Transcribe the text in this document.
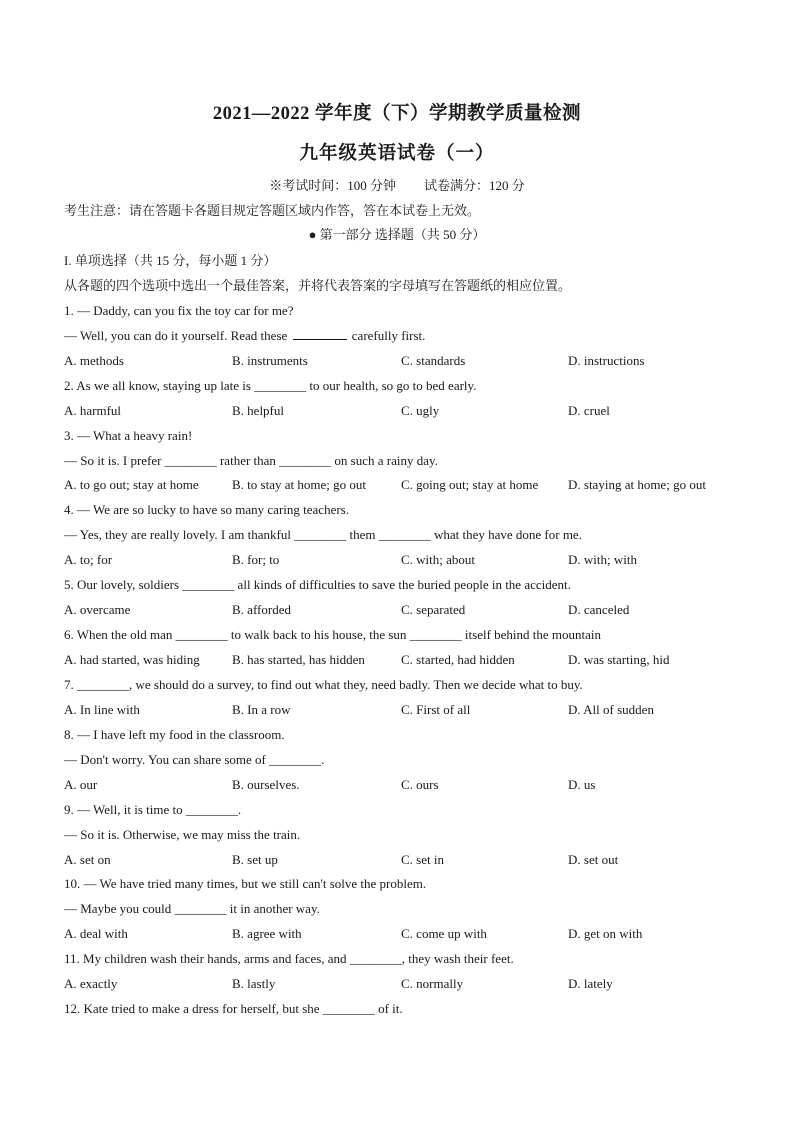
2021—2022 学年度（下）学期教学质量检测
九年级英语试卷（一）
※考试时间：100 分钟 试卷满分：120 分
考生注意：请在答题卡各题目规定答题区域内作答，答在本试卷上无效。
● 第一部分 选择题（共 50 分）
I. 单项选择（共 15 分，每小题 1 分）
从各题的四个选项中选出一个最佳答案，并将代表答案的字母填写在答题纸的相应位置。
1. — Daddy, can you fix the toy car for me?
— Well, you can do it yourself. Read these	carefully first.
A. methods	B. instruments	C. standards	D. instructions
2. As we all know, staying up late is ________ to our health, so go to bed early.
A. harmful	B. helpful	C. ugly	D. cruel
3. — What a heavy rain!
— So it is. I prefer ________ rather than ________ on such a rainy day.
A. to go out; stay at home	B. to stay at home; go out	C. going out; stay at home	D. staying at home; go out
4. — We are so lucky to have so many caring teachers.
— Yes, they are really lovely. I am thankful ________ them ________ what they have done for me.
A. to; for	B. for; to	C. with; about	D. with; with
5. Our lovely, soldiers ________ all kinds of difficulties to save the buried people in the accident.
A. overcame	B. afforded	C. separated	D. canceled
6. When the old man ________ to walk back to his house, the sun ________ itself behind the mountain
A. had started, was hiding	B. has started, has hidden	C. started, had hidden	D. was starting, hid
7. ________, we should do a survey, to find out what they, need badly. Then we decide what to buy.
A. In line with	B. In a row	C. First of all	D. All of sudden
8. — I have left my food in the classroom.
— Don't worry. You can share some of ________.
A. our	B. ourselves.	C. ours	D. us
9. — Well, it is time to ________.
— So it is. Otherwise, we may miss the train.
A. set on	B. set up	C. set in	D. set out
10. — We have tried many times, but we still can't solve the problem.
— Maybe you could ________ it in another way.
A. deal with	B. agree with	C. come up with	D. get on with
11. My children wash their hands, arms and faces, and ________, they wash their feet.
A. exactly	B. lastly	C. normally	D. lately
12. Kate tried to make a dress for herself, but she ________ of it.
